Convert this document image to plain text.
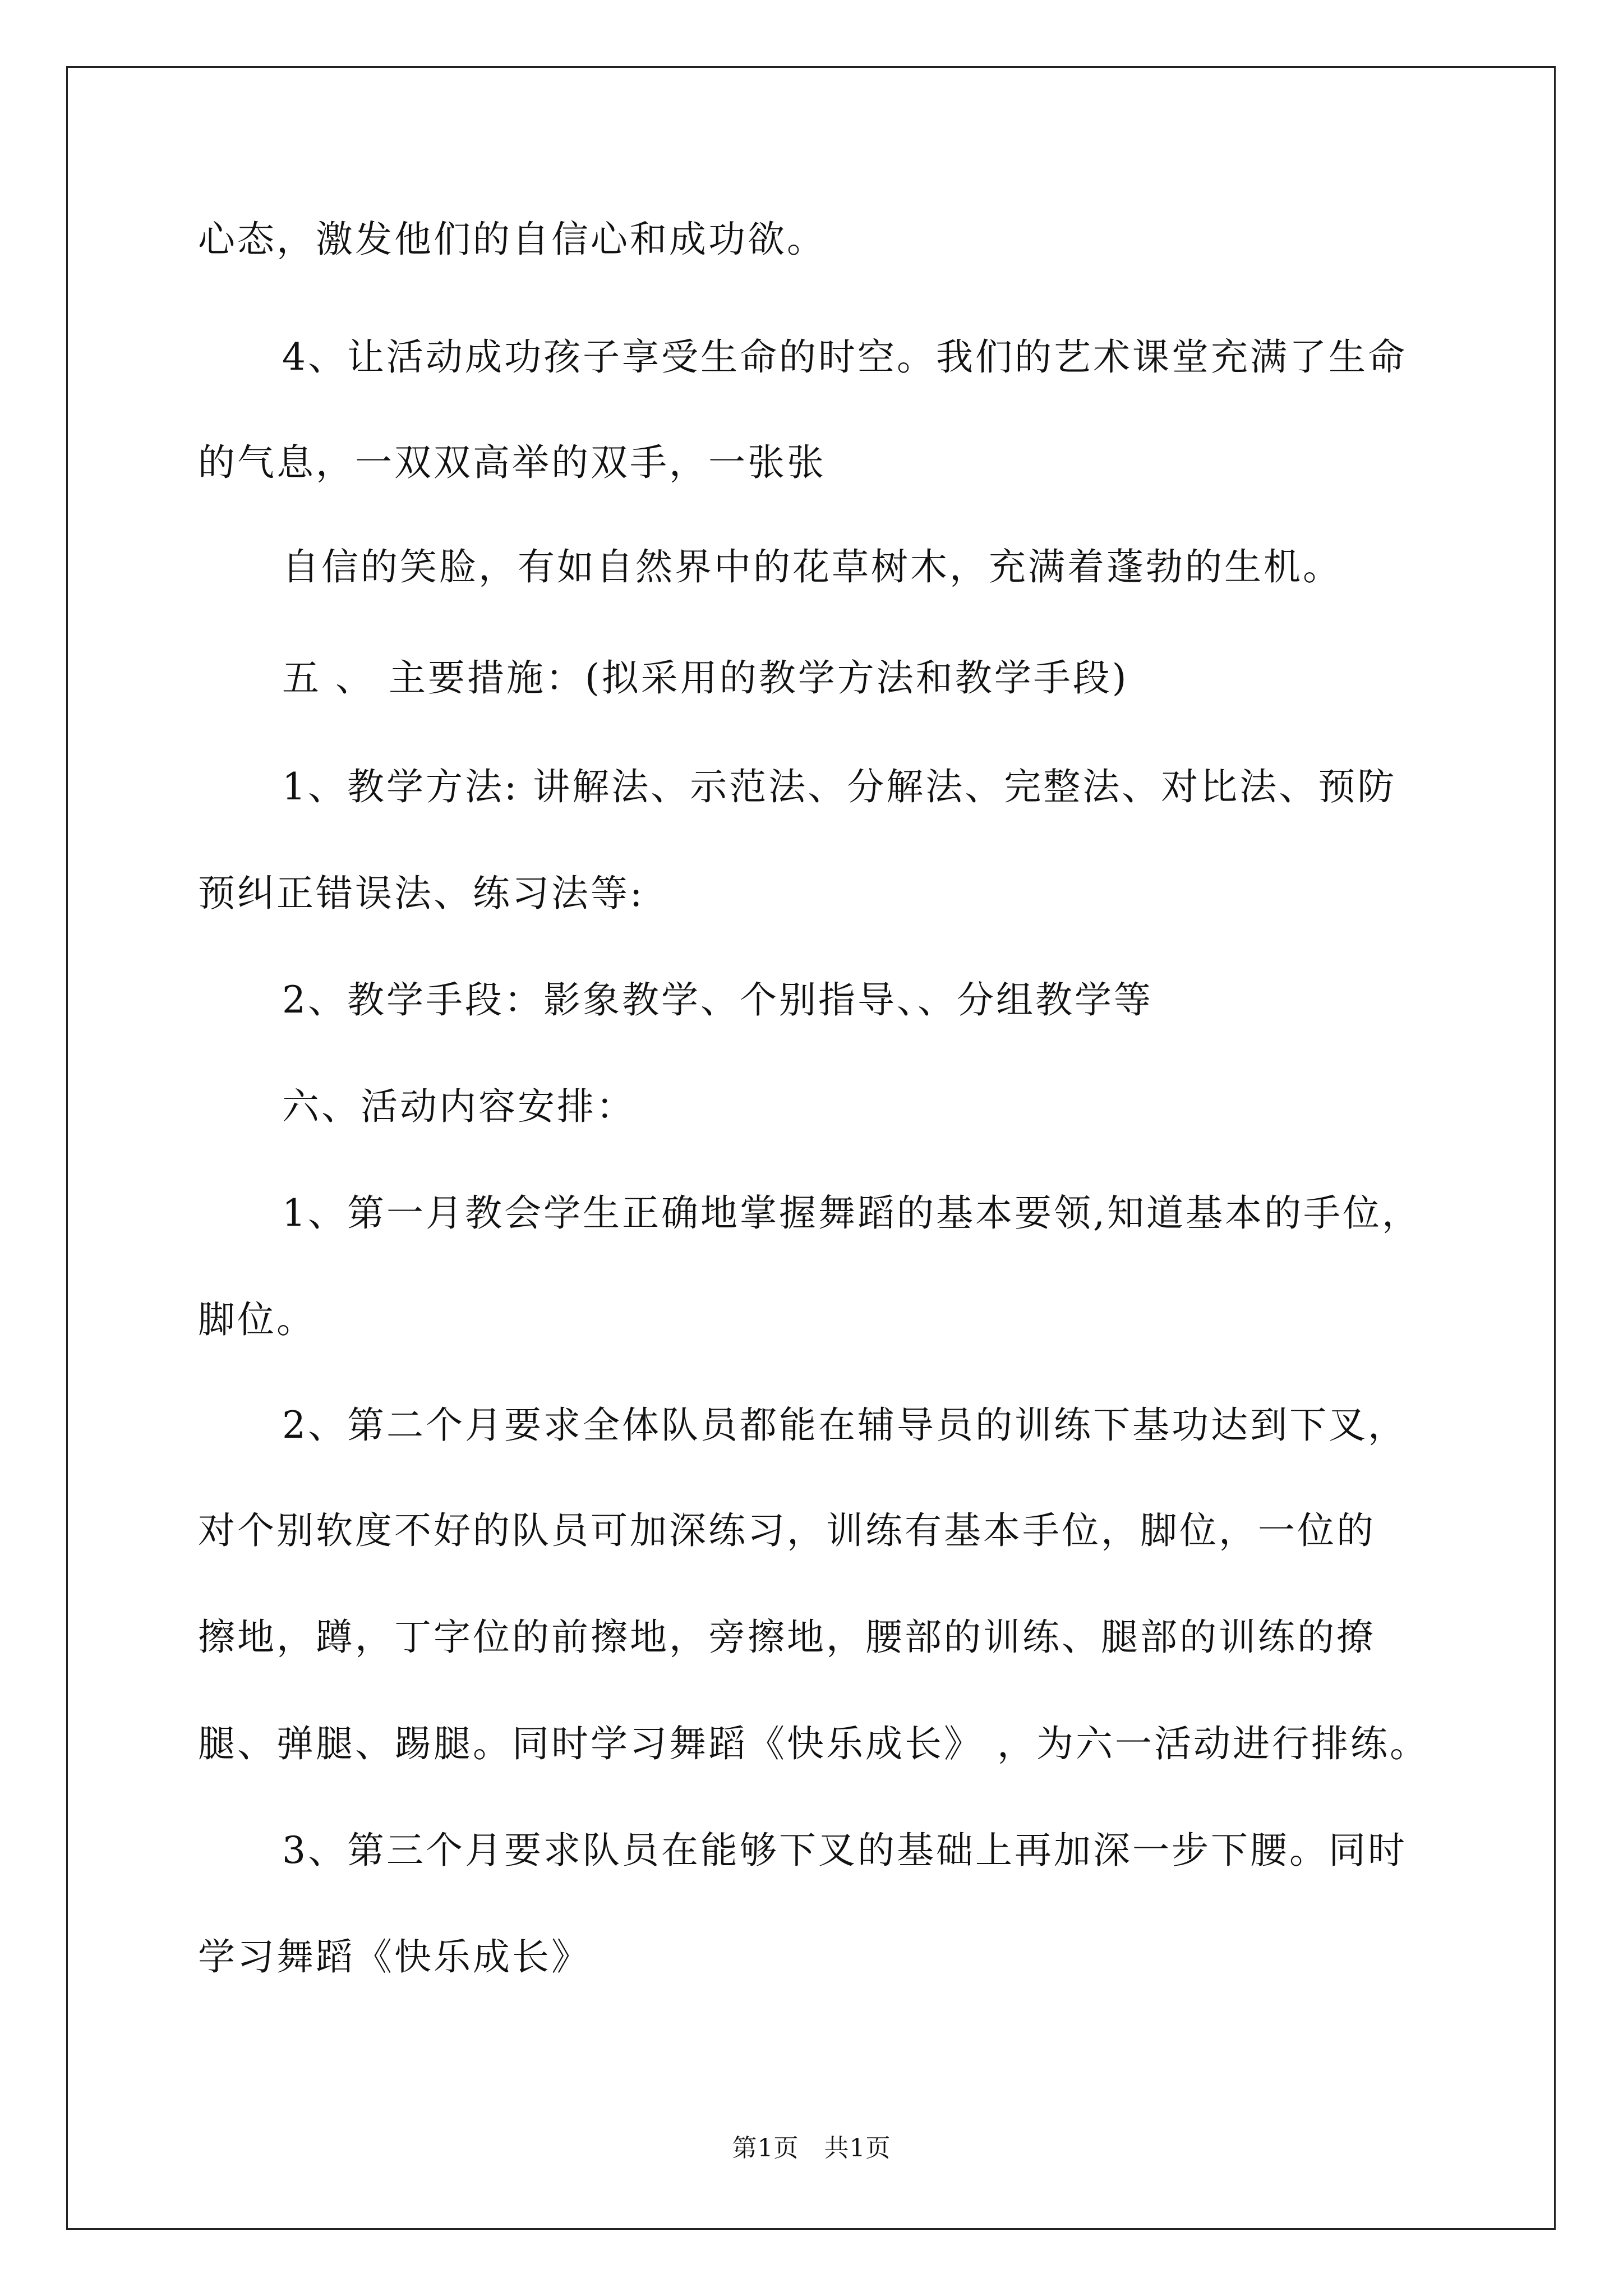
心态，激发他们的自信心和成功欲。
4、让活动成功孩子享受生命的时空。我们的艺术课堂充满了生命
的气息，一双双高举的双手，一张张
自信的笑脸，有如自然界中的花草树木，充满着蓬勃的生机。
五 、 主要措施：(拟采用的教学方法和教学手段)
1、教学方法: 讲解法、示范法、分解法、完整法、对比法、预防
预纠正错误法、练习法等:
2、教学手段：影象教学、个别指导、、分组教学等
六、活动内容安排：
1、第一月教会学生正确地掌握舞蹈的基本要领,知道基本的手位，
脚位。
2、第二个月要求全体队员都能在辅导员的训练下基功达到下叉，
对个别软度不好的队员可加深练习，训练有基本手位，脚位，一位的
擦地，蹲，丁字位的前擦地，旁擦地，腰部的训练、腿部的训练的撩
腿、弹腿、踢腿。同时学习舞蹈《快乐成长》 ，为六一活动进行排练。
3、第三个月要求队员在能够下叉的基础上再加深一步下腰。同时
学习舞蹈《快乐成长》
第1页   共1页
